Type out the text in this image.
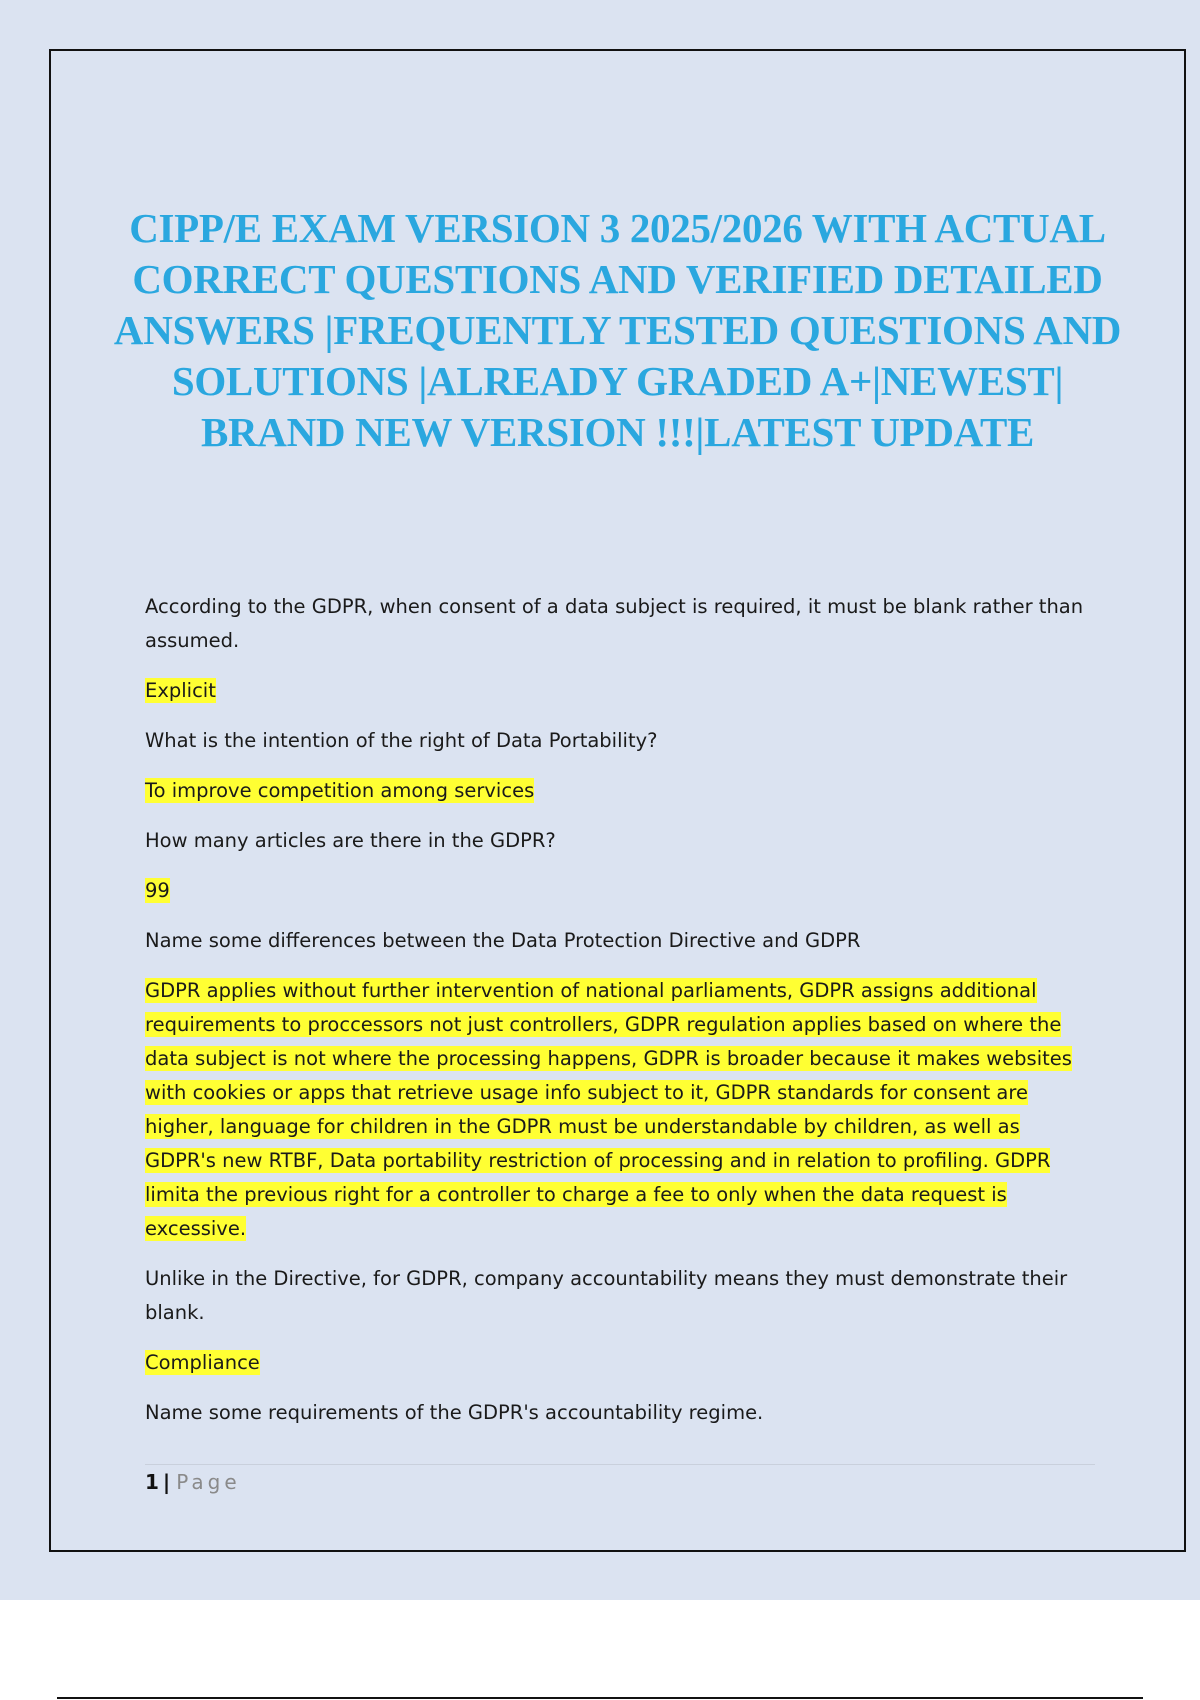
CIPP/E EXAM VERSION 3 2025/2026 WITH ACTUAL CORRECT QUESTIONS AND VERIFIED DETAILED ANSWERS |FREQUENTLY TESTED QUESTIONS AND SOLUTIONS |ALREADY GRADED A+|NEWEST| BRAND NEW VERSION !!!|LATEST UPDATE

According to the GDPR, when consent of a data subject is required, it must be blank rather than assumed.

Explicit

What is the intention of the right of Data Portability?

To improve competition among services

How many articles are there in the GDPR?

99

Name some differences between the Data Protection Directive and GDPR

GDPR applies without further intervention of national parliaments, GDPR assigns additional requirements to proccessors not just controllers, GDPR regulation applies based on where the data subject is not where the processing happens, GDPR is broader because it makes websites with cookies or apps that retrieve usage info subject to it, GDPR standards for consent are higher, language for children in the GDPR must be understandable by children, as well as GDPR's new RTBF, Data portability restriction of processing and in relation to profiling. GDPR limita the previous right for a controller to charge a fee to only when the data request is excessive.

Unlike in the Directive, for GDPR, company accountability means they must demonstrate their blank.

Compliance

Name some requirements of the GDPR's accountability regime.

1 | Page
